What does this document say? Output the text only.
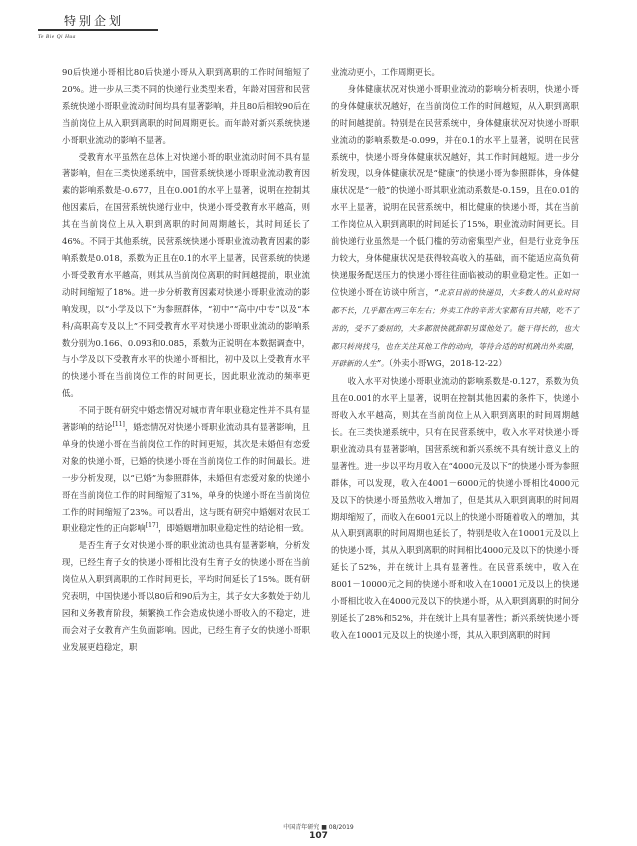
特别企划
Te Bie Qi Hua

90后快递小哥相比80后快递小哥从入职到离职的工作时间缩短了20%。进一步从三类不同的快递行业类型来看，年龄对国营和民营系统快递小哥职业流动时间均具有显著影响，并且80后相较90后在当前岗位上从入职到离职的时间周期更长。而年龄对新兴系统快递小哥职业流动的影响不显著。

受教育水平虽然在总体上对快递小哥的职业流动时间不具有显著影响，但在三类快递系统中，国营系统快递小哥职业流动教育因素的影响系数是-0.677，且在0.001的水平上显著，说明在控制其他因素后，在国营系统快递行业中，快递小哥受教育水平越高，则其在当前岗位上从入职到离职的时间周期越长，其时间延长了46%。不同于其他系统，民营系统快递小哥职业流动教育因素的影响系数是0.018，系数为正且在0.1的水平上显著，民营系统的快递小哥受教育水平越高，则其从当前岗位离职的时间越提前，职业流动时间缩短了18%。进一步分析教育因素对快递小哥职业流动的影响发现，以“小学及以下”为参照群体，“初中”“高中/中专”以及“本科/高职高专及以上”不同受教育水平对快递小哥职业流动的影响系数分别为0.166、0.093和0.085，系数为正说明在本数据调查中，与小学及以下受教育水平的快递小哥相比，初中及以上受教育水平的快递小哥在当前岗位工作的时间更长，因此职业流动的频率更低。

不同于既有研究中婚恋情况对城市青年职业稳定性并不具有显著影响的结论[11]，婚恋情况对快递小哥职业流动具有显著影响，且单身的快递小哥在当前岗位工作的时间更短，其次是未婚但有恋爱对象的快递小哥，已婚的快递小哥在当前岗位工作的时间最长。进一步分析发现，以“已婚”为参照群体，未婚但有恋爱对象的快递小哥在当前岗位工作的时间缩短了31%，单身的快递小哥在当前岗位工作的时间缩短了23%。可以看出，这与既有研究中婚姻对农民工职业稳定性的正向影响[17]，即婚姻增加职业稳定性的结论相一致。

是否生育子女对快递小哥的职业流动也具有显著影响，分析发现，已经生育子女的快递小哥相比没有生育子女的快递小哥在当前岗位从入职到离职的工作时间更长，平均时间延长了15%。既有研究表明，中国快递小哥以80后和90后为主，其子女大多数处于幼儿园和义务教育阶段，频繁换工作会造成快递小哥收入的不稳定，进而会对子女教育产生负面影响。因此，已经生育子女的快递小哥职业发展更趋稳定，职

业流动更小，工作周期更长。

身体健康状况对快递小哥职业流动的影响分析表明，快递小哥的身体健康状况越好，在当前岗位工作的时间越短，从入职到离职的时间越提前。特别是在民营系统中，身体健康状况对快递小哥职业流动的影响系数是-0.099，并在0.1的水平上显著，说明在民营系统中，快递小哥身体健康状况越好，其工作时间越短。进一步分析发现，以身体健康状况是“健康”的快递小哥为参照群体，身体健康状况是“一般”的快递小哥其职业流动系数是-0.159，且在0.01的水平上显著，说明在民营系统中，相比健康的快递小哥，其在当前工作岗位从入职到离职的时间延长了15%，职业流动时间更长。目前快递行业虽然是一个低门槛的劳动密集型产业，但是行业竞争压力较大，身体健康状况是获得较高收入的基础，而不能适应高负荷快递服务配送压力的快递小哥往往面临被动的职业稳定性。正如一位快递小哥在访谈中所言，“北京目前的快递员，大多数人的从业时间都不长，几乎都在两三年左右；外卖工作的辛苦大家都有目共睹，吃不了苦的，受不了委屈的，大多都很快就辞职另谋他处了。能干得长的，也大都只转岗找马，也在关注其他工作的动向，等待合适的时机跳出外卖圈，开辟新的人生”。（外卖小哥WG，2018-12-22）

收入水平对快递小哥职业流动的影响系数是-0.127，系数为负且在0.001的水平上显著，说明在控制其他因素的条件下，快递小哥收入水平越高，则其在当前岗位上从入职到离职的时间周期越长。在三类快递系统中，只有在民营系统中，收入水平对快递小哥职业流动具有显著影响，国营系统和新兴系统不具有统计意义上的显著性。进一步以平均月收入在“4000元及以下”的快递小哥为参照群体，可以发现，收入在4001－6000元的快递小哥相比4000元及以下的快递小哥虽然收入增加了，但是其从入职到离职的时间周期却缩短了，而收入在6001元以上的快递小哥随着收入的增加，其从入职到离职的时间周期也延长了，特别是收入在10001元及以上的快递小哥，其从入职到离职的时间相比4000元及以下的快递小哥延长了52%，并在统计上具有显著性。在民营系统中，收入在8001－10000元之间的快递小哥和收入在10001元及以上的快递小哥相比收入在4000元及以下的快递小哥，从入职到离职的时间分别延长了28%和52%，并在统计上具有显著性；新兴系统快递小哥收入在10001元及以上的快递小哥，其从入职到离职的时间

中国青年研究 ■ 08/2019
107
